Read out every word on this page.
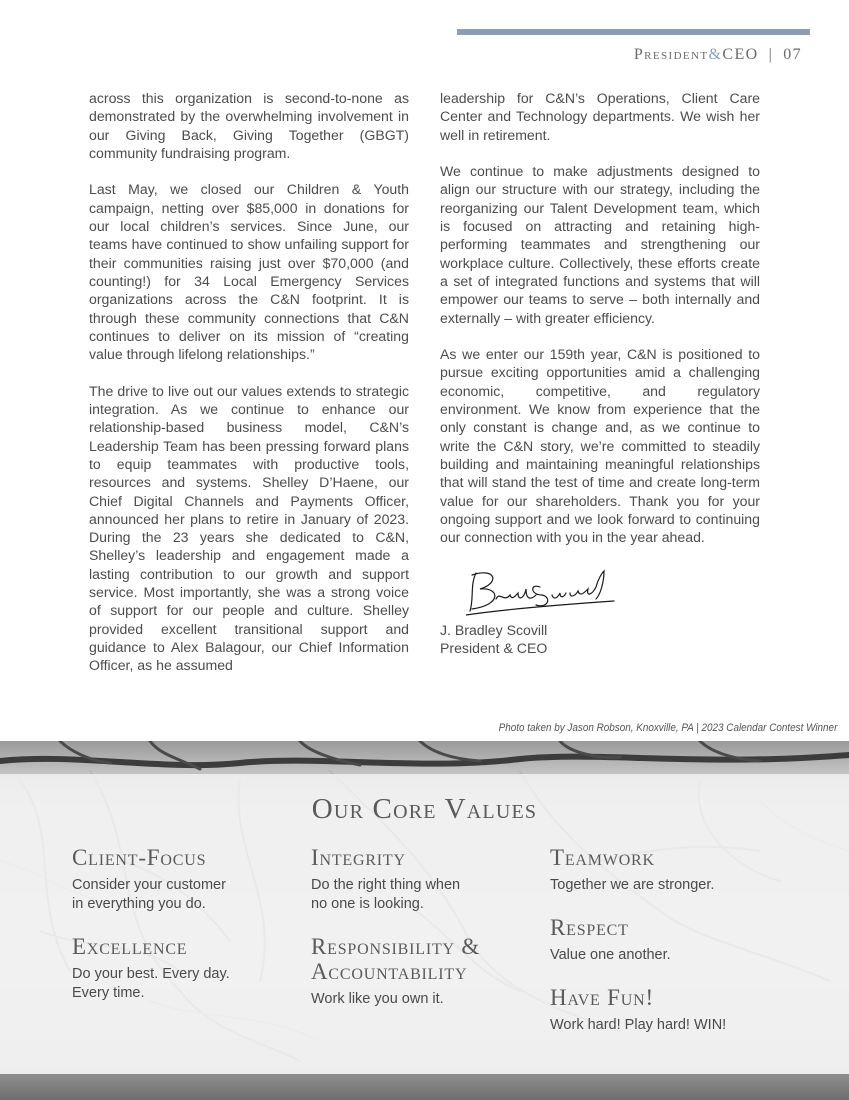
President&CEO | 07

across this organization is second-to-none as demonstrated by the overwhelming involvement in our Giving Back, Giving Together (GBGT) community fundraising program.

Last May, we closed our Children & Youth campaign, netting over $85,000 in donations for our local children’s services. Since June, our teams have continued to show unfailing support for their communities raising just over $70,000 (and counting!) for 34 Local Emergency Services organizations across the C&N footprint. It is through these community connections that C&N continues to deliver on its mission of “creating value through lifelong relationships.”

The drive to live out our values extends to strategic integration. As we continue to enhance our relationship-based business model, C&N’s Leadership Team has been pressing forward plans to equip teammates with productive tools, resources and systems. Shelley D’Haene, our Chief Digital Channels and Payments Officer, announced her plans to retire in January of 2023. During the 23 years she dedicated to C&N, Shelley’s leadership and engagement made a lasting contribution to our growth and support service. Most importantly, she was a strong voice of support for our people and culture. Shelley provided excellent transitional support and guidance to Alex Balagour, our Chief Information Officer, as he assumed

leadership for C&N’s Operations, Client Care Center and Technology departments. We wish her well in retirement.

We continue to make adjustments designed to align our structure with our strategy, including the reorganizing our Talent Development team, which is focused on attracting and retaining high-performing teammates and strengthening our workplace culture. Collectively, these efforts create a set of integrated functions and systems that will empower our teams to serve – both internally and externally – with greater efficiency.

As we enter our 159th year, C&N is positioned to pursue exciting opportunities amid a challenging economic, competitive, and regulatory environment. We know from experience that the only constant is change and, as we continue to write the C&N story, we’re committed to steadily building and maintaining meaningful relationships that will stand the test of time and create long-term value for our shareholders. Thank you for your ongoing support and we look forward to continuing our connection with you in the year ahead.

J. Bradley Scovill
President & CEO
Photo taken by Jason Robson, Knoxville, PA | 2023 Calendar Contest Winner
Our Core Values
Client-Focus

Consider your customer
in everything you do.

Excellence

Do your best. Every day.
Every time.

Integrity

Do the right thing when
no one is looking.

Responsibility &
Accountability

Work like you own it.

Teamwork

Together we are stronger.

Respect

Value one another.

Have Fun!

Work hard! Play hard! WIN!
